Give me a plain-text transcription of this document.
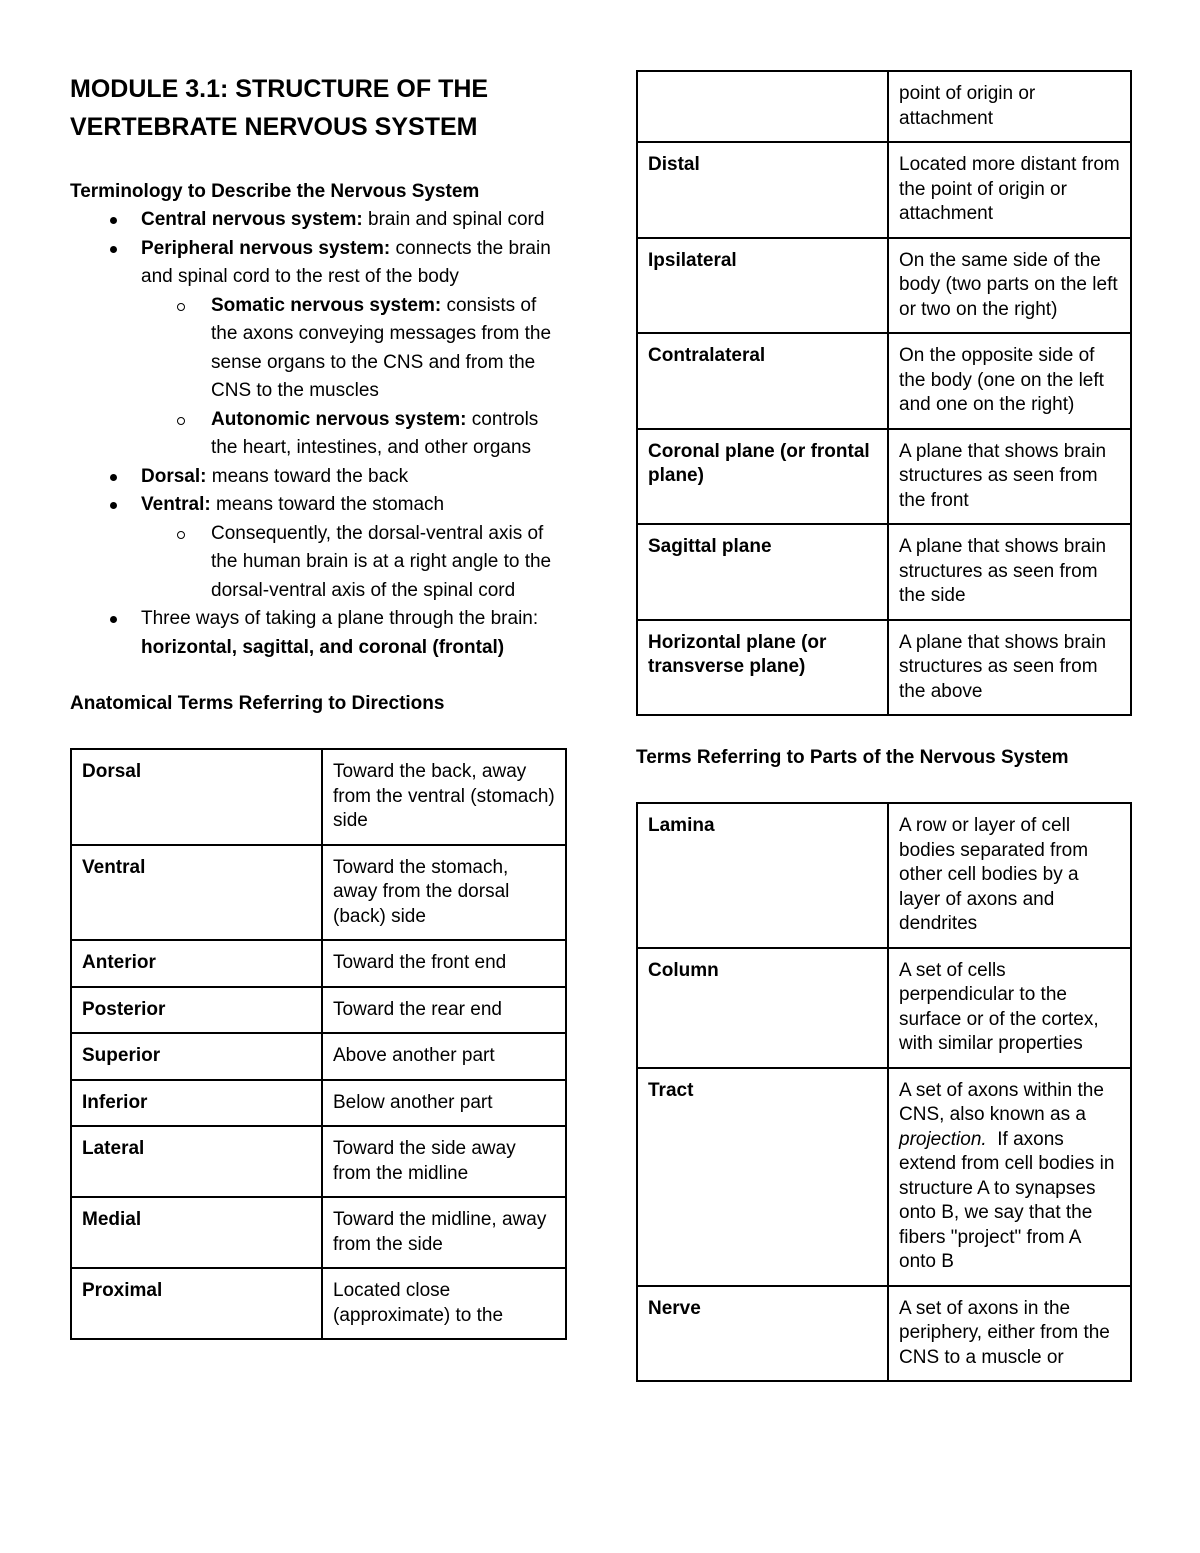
MODULE 3.1: STRUCTURE OF THE VERTEBRATE NERVOUS SYSTEM
Terminology to Describe the Nervous System
Central nervous system: brain and spinal cord
Peripheral nervous system: connects the brain and spinal cord to the rest of the body
Somatic nervous system: consists of the axons conveying messages from the sense organs to the CNS and from the CNS to the muscles
Autonomic nervous system: controls the heart, intestines, and other organs
Dorsal: means toward the back
Ventral: means toward the stomach
Consequently, the dorsal-ventral axis of the human brain is at a right angle to the dorsal-ventral axis of the spinal cord
Three ways of taking a plane through the brain: horizontal, sagittal, and coronal (frontal)
Anatomical Terms Referring to Directions
Dorsal	Toward the back, away from the ventral (stomach) side
Ventral	Toward the stomach, away from the dorsal (back) side
Anterior	Toward the front end
Posterior	Toward the rear end
Superior	Above another part
Inferior	Below another part
Lateral	Toward the side away from the midline
Medial	Toward the midline, away from the side
Proximal	Located close (approximate) to the
	point of origin or attachment
Distal	Located more distant from the point of origin or attachment
Ipsilateral	On the same side of the body (two parts on the left or two on the right)
Contralateral	On the opposite side of the body (one on the left and one on the right)
Coronal plane (or frontal plane)	A plane that shows brain structures as seen from the front
Sagittal plane	A plane that shows brain structures as seen from the side
Horizontal plane (or transverse plane)	A plane that shows brain structures as seen from the above
Terms Referring to Parts of the Nervous System
Lamina	A row or layer of cell bodies separated from other cell bodies by a layer of axons and dendrites
Column	A set of cells perpendicular to the surface or of the cortex, with similar properties
Tract	A set of axons within the CNS, also known as a projection.  If axons extend from cell bodies in structure A to synapses onto B, we say that the fibers "project" from A onto B
Nerve	A set of axons in the periphery, either from the CNS to a muscle or
